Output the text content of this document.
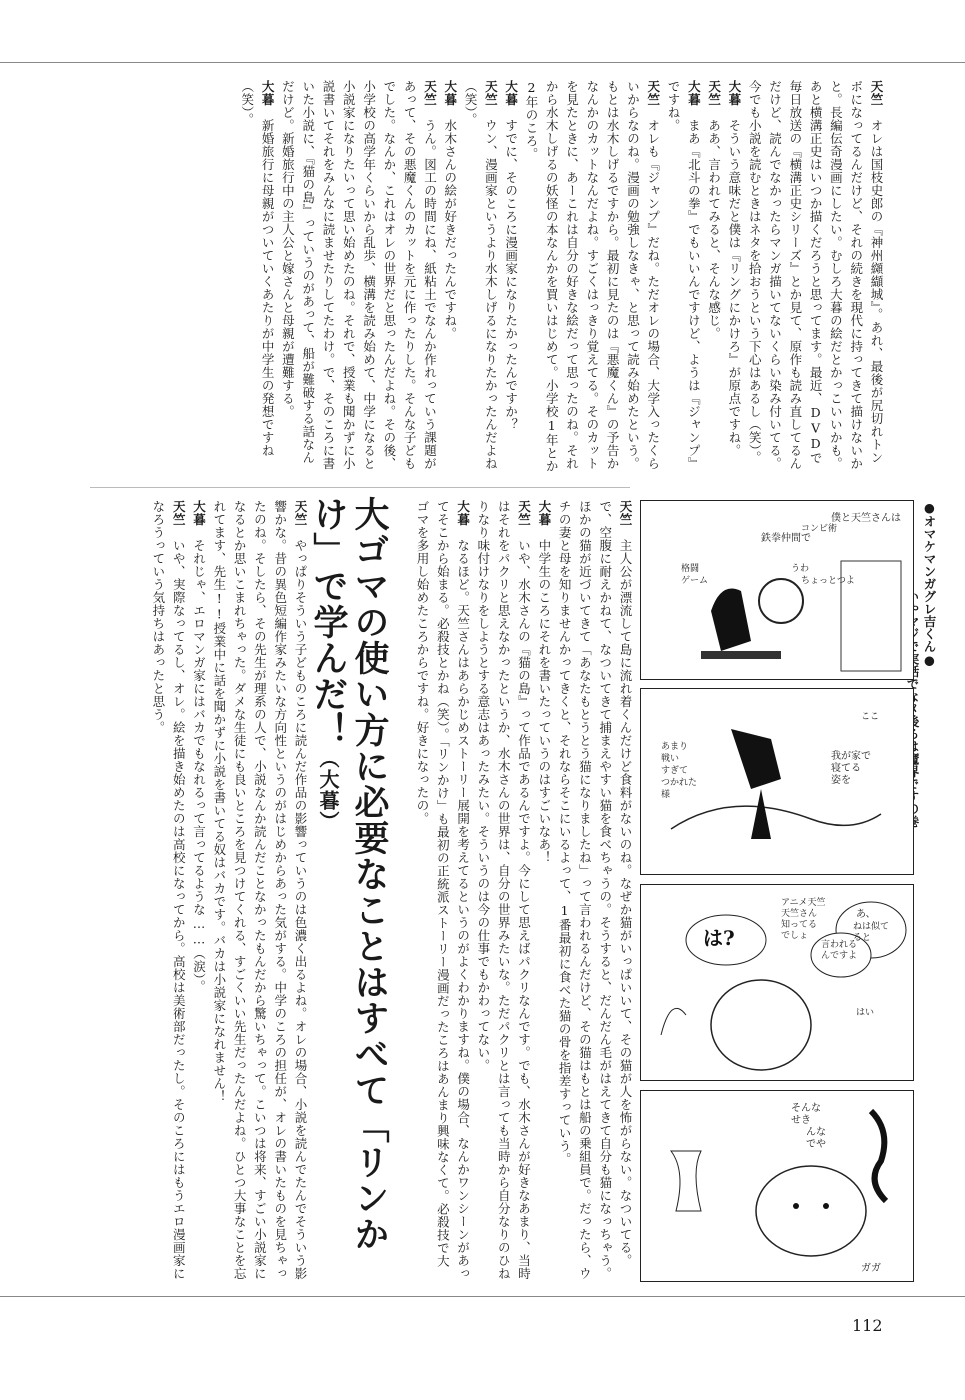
天竺　オレは国枝史郎の『神州纐纈城』。あれ、最後が尻切れトンボになってるんだけど、それの続きを現代に持ってきて描けないかと。長編伝奇漫画にしたい。むしろ大暮の絵だとかっこいいかも。あと横溝正史はいつか描くだろうと思ってます。最近、DVDで毎日放送の『横溝正史シリーズ』とか見て、原作も読み直してるんだけど、読んでなかったらマンガ描いてないくらい染み付いてる。今でも小説を読むときはネタを拾おうという下心はあるし（笑）。

大暮　そういう意味だと僕は『リングにかけろ』が原点ですね。

天竺　ああ、言われてみると、そんな感じ。

大暮　まあ『北斗の拳』でもいいんですけど、ようは『ジャンプ』ですね。

天竺　オレも『ジャンプ』だね。ただオレの場合、大学入ったくらいからなのね。漫画の勉強しなきゃ、と思って読み始めたという。もとは水木しげるですから。最初に見たのは『悪魔くん』の予告かなんかのカットなんだよね。すごくはっきり覚えてる。そのカットを見たときに、あーこれは自分の好きな絵だって思ったのね。それから水木しげるの妖怪の本なんかを買いはじめて。小学校1年とか2年のころ。

大暮　すでに、そのころに漫画家になりたかったんですか？

天竺　ウン、漫画家というより水木しげるになりたかったんだよね（笑）。

大暮　水木さんの絵が好きだったんですね。

天竺　うん。図工の時間にね、紙粘土でなんか作れっていう課題があって、その悪魔くんのカットを元に作ったりした。そんな子どもでした。なんか、これはオレの世界だと思ったんだよね。その後、小学校の高学年くらいから乱歩、横溝を読み始めて、中学になると小説家になりたいって思い始めたのね。それで、授業も聞かずに小説書いてそれをみんなに読ませたりしてたわけ。で、そのころに書いた小説に、『猫の島』っていうのがあって、船が難破する話なんだけど。新婚旅行中の主人公と嫁さんと母親が遭難する。

大暮　新婚旅行に母親がついていくあたりが中学生の発想ですね（笑）。

天竺　主人公が漂流して島に流れ着くんだけど食料がないのね。なぜか猫がいっぱいいて、その猫が人を怖がらない。なついてる。で、空腹に耐えかねて、なついてきて捕まえやすい猫を食べちゃうの。そうすると、だんだん毛がはえてきて自分も猫になっちゃう。ほかの猫が近づいてきて「あなたもとうとう猫になりましたね」って言われるんだけど、その猫はもとは船の乗組員で。だったら、ウチの妻と母を知りませんかってきくと、それならそこにいるよって、1番最初に食べた猫の骨を指差すっていう。

大暮　中学生のころにそれを書いたっていうのはすごいなあ！

天竺　いや、水木さんの『猫の島』って作品であるんですよ。今にして思えばパクリなんです。でも、水木さんが好きなあまり、当時はそれをパクリと思えなかったというか、水木さんの世界は、自分の世界みたいな。ただパクリとは言っても当時から自分なりのひねりなり味付けなりをしようとする意志はあったみたい。そういうのは今の仕事でもかわってない。

大暮　なるほど。天竺さんはあらかじめストーリー展開を考えてるというのがよくわかりますね。僕の場合、なんかワンシーンがあってそこから始まる。必殺技とかね（笑）。「リンかけ」も最初の正統派ストーリー漫画だったころはあんまり興味なくて。必殺技で大ゴマを多用し始めたころからですね。好きになったの。

大ゴマの使い方に必要なことはすべて「リンかけ」で学んだ！（大暮）

天竺　やっぱりそういう子どものころに読んだ作品の影響っていうのは色濃く出るよね。オレの場合、小説を読んでたんでそういう影響かな。昔の異色短編作家みたいな方向性というのがはじめからあった気がする。中学のころの担任が、オレの書いたものを見ちゃったのね。そしたら、その先生が理系の人で、小説なんか読んだことなかったもんだから驚いちゃって。こいつは将来、すごい小説家になるとか思いこまれちゃった。ダメな生徒にも良いところを見つけてくれる、すごくいい先生だったんだよね。ひとつ大事なことを忘れてます、先生!!授業中に話を聞かずに小説を書いてる奴はバカです。バカは小説家になれません！

大暮　それじゃ、エロマンガ家にはバカでもなれるって言ってるような……（涙）。

天竺　いや、実際なってるし、オレ。絵を描き始めたのは高校になってから。高校は美術部だったし。そのころにはもうエロ漫画家になろうっていう気持ちはあったと思う。	●オマケマンガグレ吉くん●
僕と天竺さんは
鉄拳仲間で
コンビ術
格闘
ゲーム
うわ
ちょっとつよ
我が家で
寝てる
姿を
あまり
戦い
すぎて
つかれた
様
ここ
あ、
ねは似て
ると
言われる
んですよ
アニメ天竺
天竺さん
知ってる
でしょ
は?
はい
そんな
せき
んな
でや
ガガ
112
